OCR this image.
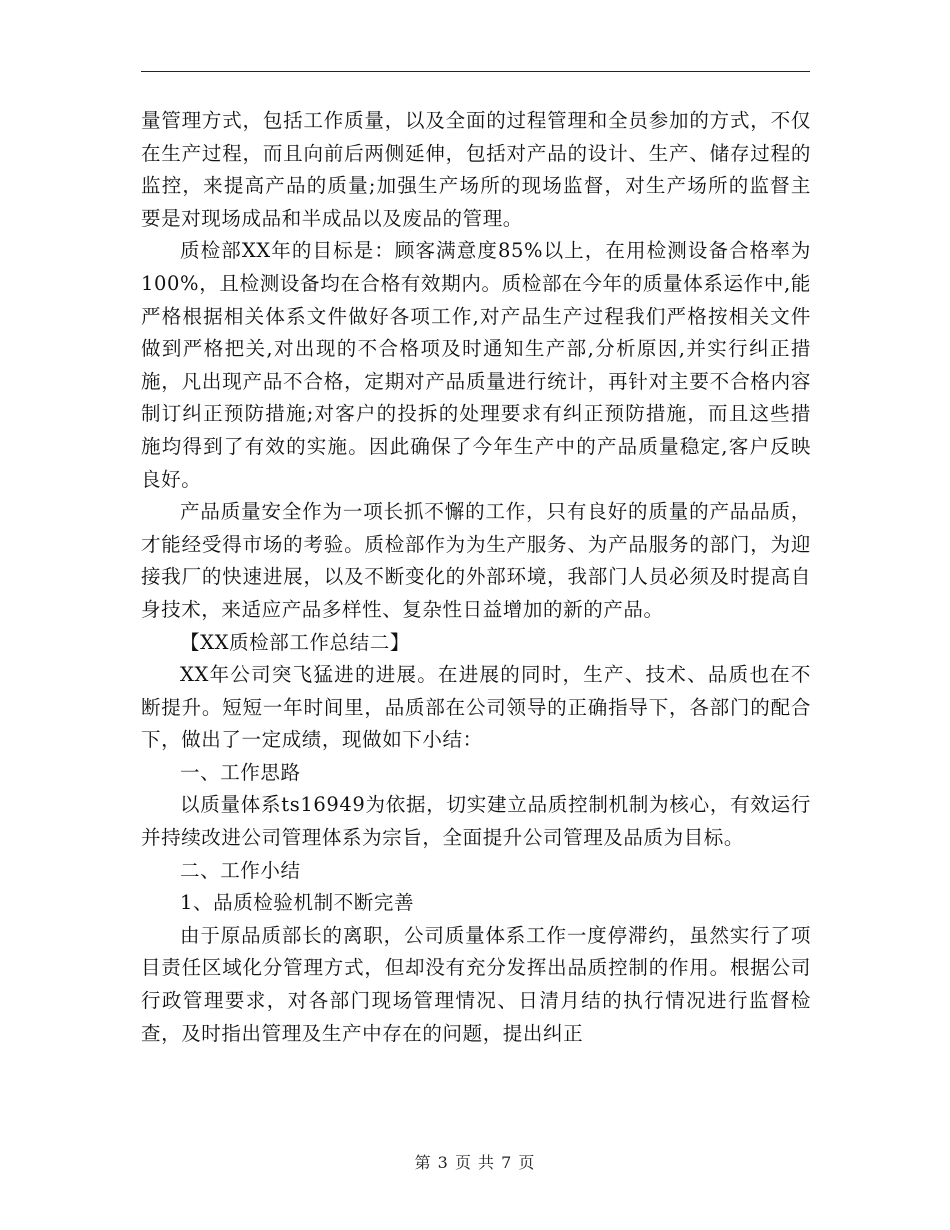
量管理方式，包括工作质量，以及全面的过程管理和全员参加的方式，不仅在生产过程，而且向前后两侧延伸，包括对产品的设计、生产、储存过程的监控，来提高产品的质量;加强生产场所的现场监督，对生产场所的监督主要是对现场成品和半成品以及废品的管理。

质检部XX年的目标是：顾客满意度85%以上，在用检测设备合格率为100%，且检测设备均在合格有效期内。质检部在今年的质量体系运作中,能严格根据相关体系文件做好各项工作,对产品生产过程我们严格按相关文件做到严格把关,对出现的不合格项及时通知生产部,分析原因,并实行纠正措施，凡出现产品不合格，定期对产品质量进行统计，再针对主要不合格内容制订纠正预防措施;对客户的投拆的处理要求有纠正预防措施，而且这些措施均得到了有效的实施。因此确保了今年生产中的产品质量稳定,客户反映良好。

产品质量安全作为一项长抓不懈的工作，只有良好的质量的产品品质，才能经受得市场的考验。质检部作为为生产服务、为产品服务的部门，为迎接我厂的快速进展，以及不断变化的外部环境，我部门人员必须及时提高自身技术，来适应产品多样性、复杂性日益增加的新的产品。

【XX质检部工作总结二】

XX年公司突飞猛进的进展。在进展的同时，生产、技术、品质也在不断提升。短短一年时间里，品质部在公司领导的正确指导下，各部门的配合下，做出了一定成绩，现做如下小结：

一、工作思路

以质量体系ts16949为依据，切实建立品质控制机制为核心，有效运行并持续改进公司管理体系为宗旨，全面提升公司管理及品质为目标。

二、工作小结

1、品质检验机制不断完善

由于原品质部长的离职，公司质量体系工作一度停滞约，虽然实行了项目责任区域化分管理方式，但却没有充分发挥出品质控制的作用。根据公司行政管理要求，对各部门现场管理情况、日清月结的执行情况进行监督检查，及时指出管理及生产中存在的问题，提出纠正

第 3 页 共 7 页
